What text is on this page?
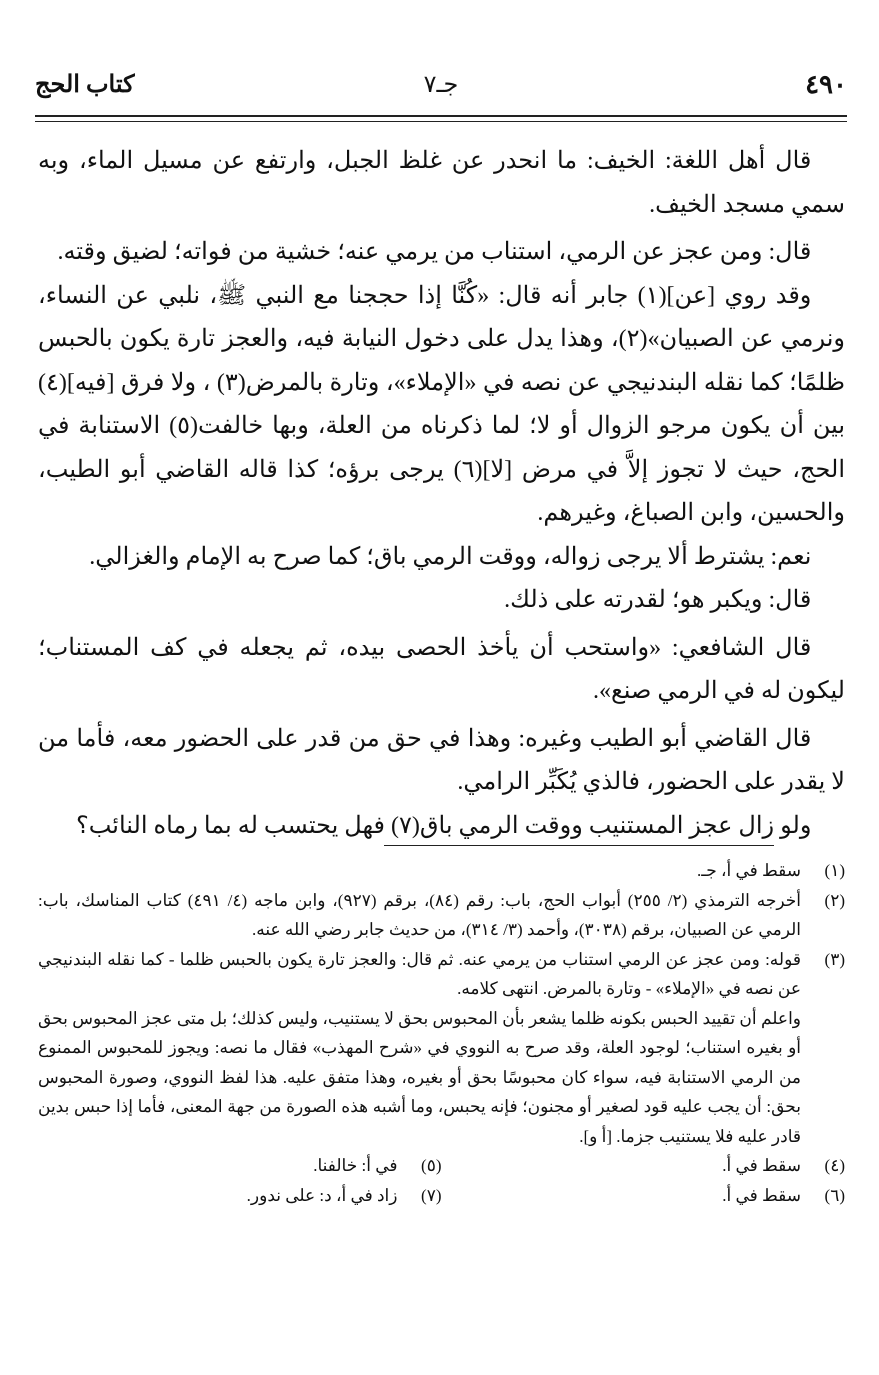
٤٩٠
جـ٧
كتاب الحج

قال أهل اللغة: الخيف: ما انحدر عن غلظ الجبل، وارتفع عن مسيل الماء، وبه سمي مسجد الخيف.

قال: ومن عجز عن الرمي، استناب من يرمي عنه؛ خشية من فواته؛ لضيق وقته.

وقد روي [عن](١) جابر أنه قال: «كُنَّا إذا حججنا مع النبي ﷺ، نلبي عن النساء، ونرمي عن الصبيان»(٢)، وهذا يدل على دخول النيابة فيه، والعجز تارة يكون بالحبس ظلمًا؛ كما نقله البندنيجي عن نصه في «الإملاء»، وتارة بالمرض(٣) ، ولا فرق [فيه](٤) بين أن يكون مرجو الزوال أو لا؛ لما ذكرناه من العلة، وبها خالفت(٥) الاستنابة في الحج، حيث لا تجوز إلاَّ في مرض [لا](٦) يرجى برؤه؛ كذا قاله القاضي أبو الطيب، والحسين، وابن الصباغ، وغيرهم.

نعم: يشترط ألا يرجى زواله، ووقت الرمي باق؛ كما صرح به الإمام والغزالي.

قال: ويكبر هو؛ لقدرته على ذلك.

قال الشافعي: «واستحب أن يأخذ الحصى بيده، ثم يجعله في كف المستناب؛ ليكون له في الرمي صنع».

قال القاضي أبو الطيب وغيره: وهذا في حق من قدر على الحضور معه، فأما من لا يقدر على الحضور، فالذي يُكَبِّر الرامي.

ولو زال عجز المستنيب ووقت الرمي باق(٧) فهل يحتسب له بما رماه النائب؟

(١)
سقط في أ، جـ.
(٢)
أخرجه الترمذي (٢/ ٢٥٥) أبواب الحج، باب: رقم (٨٤)، برقم (٩٢٧)، وابن ماجه (٤/ ٤٩١) كتاب المناسك، باب: الرمي عن الصبيان، برقم (٣٠٣٨)، وأحمد (٣/ ٣١٤)، من حديث جابر رضي الله عنه.
(٣)
قوله: ومن عجز عن الرمي استناب من يرمي عنه. ثم قال: والعجز تارة يكون بالحبس ظلما - كما نقله البندنيجي عن نصه في «الإملاء» - وتارة بالمرض. انتهى كلامه.
واعلم أن تقييد الحبس بكونه ظلما يشعر بأن المحبوس بحق لا يستنيب، وليس كذلك؛ بل متى عجز المحبوس بحق أو بغيره استناب؛ لوجود العلة، وقد صرح به النووي في «شرح المهذب» فقال ما نصه: ويجوز للمحبوس الممنوع من الرمي الاستنابة فيه، سواء كان محبوسًا بحق أو بغيره، وهذا متفق عليه. هذا لفظ النووي، وصورة المحبوس بحق: أن يجب عليه قود لصغير أو مجنون؛ فإنه يحبس، وما أشبه هذه الصورة من جهة المعنى، فأما إذا حبس بدين قادر عليه فلا يستنيب جزما. [أ و].
(٤)
سقط في أ.
(٥)
في أ: خالفنا.
(٦)
سقط في أ.
(٧)
زاد في أ، د: على ندور.
